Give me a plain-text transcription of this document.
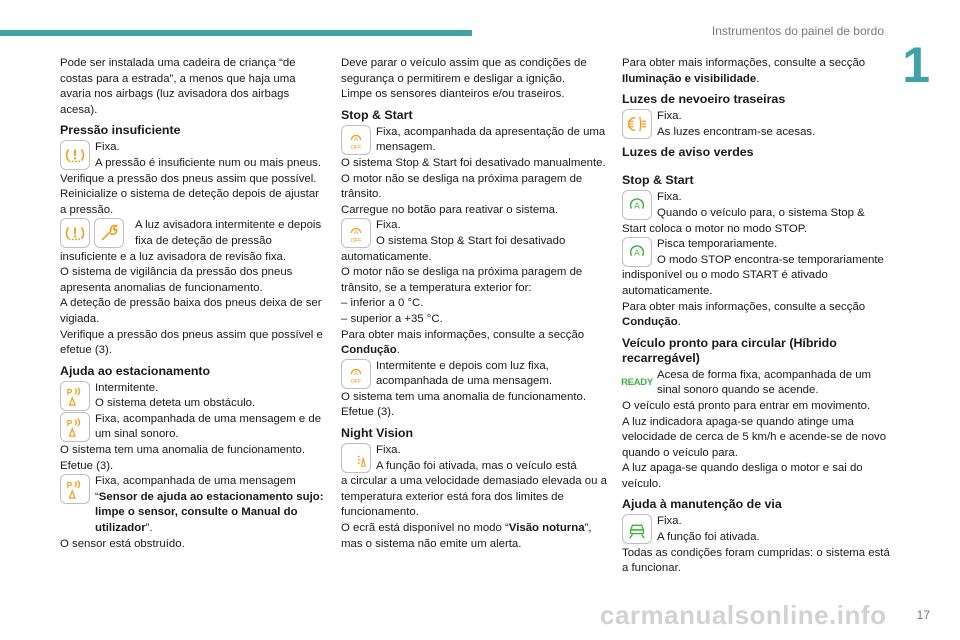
Instrumentos do painel de bordo
1

Pode ser instalada uma cadeira de criança “de costas para a estrada”, a menos que haja uma avaria nos airbags (luz avisadora dos airbags acesa).

Pressão insuficiente
Fixa.
A pressão é insuficiente num ou mais pneus.

Verifique a pressão dos pneus assim que possível.
Reinicialize o sistema de deteção depois de ajustar a pressão.

A luz avisadora intermitente e depois fixa de deteção de pressão

insuficiente e a luz avisadora de revisão fixa.
O sistema de vigilância da pressão dos pneus apresenta anomalias de funcionamento.
A deteção de pressão baixa dos pneus deixa de ser vigiada.
Verifique a pressão dos pneus assim que possível e efetue (3).

Ajuda ao estacionamento
P Intermitente.
O sistema deteta um obstáculo.
P Fixa, acompanhada de uma mensagem e de um sinal sonoro.

O sistema tem uma anomalia de funcionamento.
Efetue (3).

P Fixa, acompanhada de uma mensagem “Sensor de ajuda ao estacionamento sujo: limpe o sensor, consulte o Manual do utilizador”.

O sensor está obstruído.

Deve parar o veículo assim que as condições de segurança o permitirem e desligar a ignição.
Limpe os sensores dianteiros e/ou traseiros.

Stop & Start
A
OFF
Fixa, acompanhada da apresentação de uma mensagem.

O sistema Stop & Start foi desativado manualmente.
O motor não se desliga na próxima paragem de trânsito.
Carregue no botão para reativar o sistema.

A
OFF
Fixa.
O sistema Stop & Start foi desativado

automaticamente.
O motor não se desliga na próxima paragem de trânsito, se a temperatura exterior for:
– inferior a 0 °C.
– superior a +35 °C.
Para obter mais informações, consulte a secção Condução.

A
OFF
Intermitente e depois com luz fixa, acompanhada de uma mensagem.

O sistema tem uma anomalia de funcionamento.
Efetue (3).

Night Vision
Fixa.
A função foi ativada, mas o veículo está

a circular a uma velocidade demasiado elevada ou a temperatura exterior está fora dos limites de funcionamento.
O ecrã está disponível no modo “Visão noturna”, mas o sistema não emite um alerta.

Para obter mais informações, consulte a secção Iluminação e visibilidade.

Luzes de nevoeiro traseiras
Fixa.
As luzes encontram-se acesas.
Luzes de aviso verdes
Stop & Start
A
Fixa.
Quando o veículo para, o sistema Stop &

Start coloca o motor no modo STOP.

A
Pisca temporariamente.
O modo STOP encontra-se temporariamente

indisponível ou o modo START é ativado automaticamente.
Para obter mais informações, consulte a secção Condução.

Veículo pronto para circular (Híbrido recarregável)
READY
Acesa de forma fixa, acompanhada de um sinal sonoro quando se acende.

O veículo está pronto para entrar em movimento.
A luz indicadora apaga-se quando atinge uma velocidade de cerca de 5 km/h e acende-se de novo quando o veículo para.
A luz apaga-se quando desliga o motor e sai do veículo.

Ajuda à manutenção de via
Fixa.
A função foi ativada.

Todas as condições foram cumpridas: o sistema está a funcionar.

17
carmanualsonline.info
